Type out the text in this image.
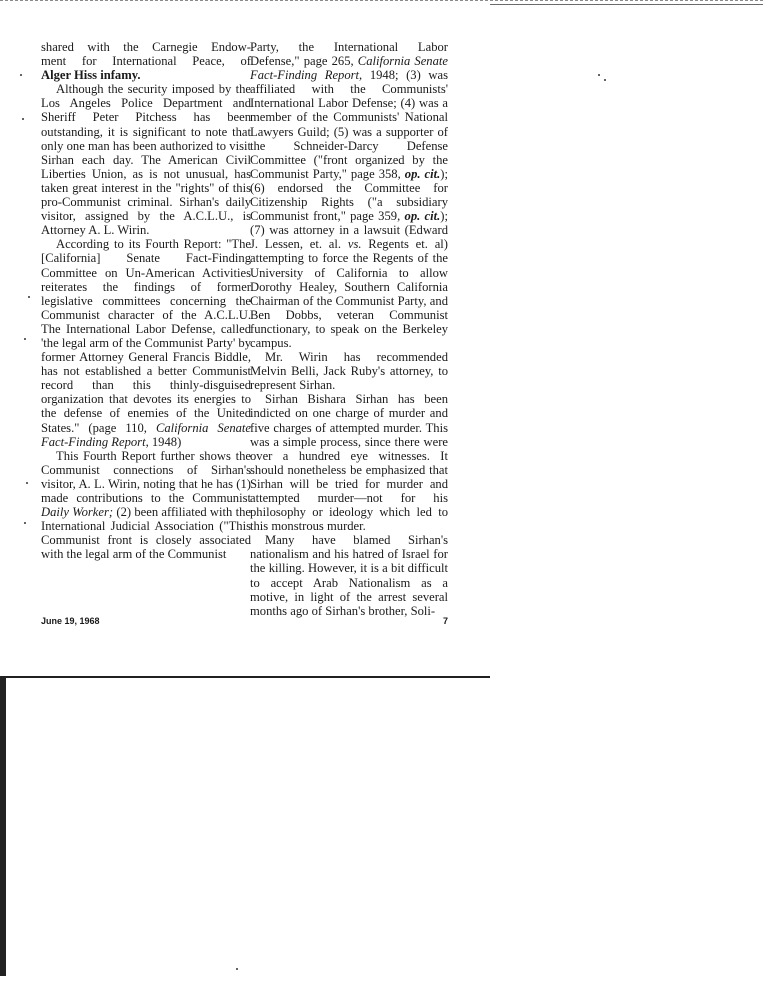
shared with the Carnegie Endow-

ment for International Peace, of

Alger Hiss infamy.

Although the security imposed by the Los Angeles Police Department and Sheriff Peter Pitchess has been outstanding, it is significant to note that only one man has been authorized to visit Sirhan each day. The American Civil Liberties Union, as is not unusual, has taken great interest in the "rights" of this pro-Communist criminal. Sirhan's daily visitor, assigned by the A.C.L.U., is Attorney A. L. Wirin.

According to its Fourth Report: "The [California] Senate Fact-Finding Committee on Un-American Activities reiterates the findings of former legislative committees concerning the Communist character of the A.C.L.U. The International Labor Defense, called 'the legal arm of the Communist Party' by former Attorney General Francis Biddle, has not established a better Communist record than this thinly-disguised organization that devotes its energies to the defense of enemies of the United States." (page 110, California Senate Fact-Finding Report, 1948)

This Fourth Report further shows the Communist connections of Sirhan's visitor, A. L. Wirin, noting that he has (1) made contributions to the Communist Daily Worker; (2) been affiliated with the International Judicial Association ("This Communist front is closely associated with the legal arm of the Communist

Party, the International Labor Defense," page 265, California Senate Fact-Finding Report, 1948; (3) was affiliated with the Communists' International Labor Defense; (4) was a member of the Communists' National Lawyers Guild; (5) was a supporter of the Schneider-Darcy Defense Committee ("front organized by the Communist Party," page 358, op. cit.); (6) endorsed the Committee for Citizenship Rights ("a subsidiary Communist front," page 359, op. cit.); (7) was attorney in a lawsuit (Edward J. Lessen, et. al. vs. Regents et. al) attempting to force the Regents of the University of California to allow Dorothy Healey, Southern California Chairman of the Communist Party, and Ben Dobbs, veteran Communist functionary, to speak on the Berkeley campus.

Mr. Wirin has recommended Melvin Belli, Jack Ruby's attorney, to represent Sirhan.

Sirhan Bishara Sirhan has been indicted on one charge of murder and five charges of attempted murder. This was a simple process, since there were over a hundred eye witnesses. It should nonetheless be emphasized that Sirhan will be tried for murder and attempted murder—not for his philosophy or ideology which led to this monstrous murder.

Many have blamed Sirhan's nationalism and his hatred of Israel for the killing. However, it is a bit difficult to accept Arab Nationalism as a motive, in light of the arrest several months ago of Sirhan's brother, Soli-

June 19, 1968	7
